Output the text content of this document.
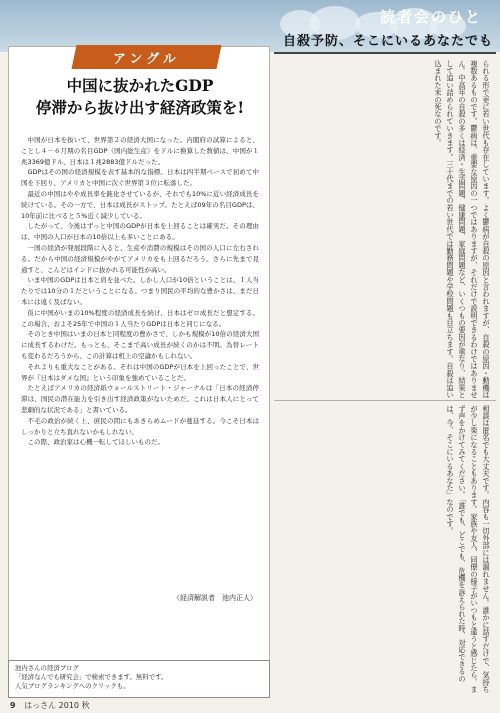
読者会のひと
アングル
中国に抜かれたGDP
停滞から抜け出す経済政策を!

中国が日本を抜いて、世界第２の経済大国になった。内閣府の試算によると、ことし４－６月期の名目GDP（国内総生産）をドルに換算した数値は、中国が１兆3369億ドル、日本は１兆2883億ドルだった。

GDPはその国の経済規模を表す基本的な指標。日本は四半期ベースで初めて中国を下回り、アメリカと中国に次ぐ世界第３位に転落した。

最近の中国はやや成長率を鈍化させているが、それでも10%に近い経済成長を続けている。その一方で、日本は成長がストップ。たとえば09年の名目GDPは、10年前に比べると５%近く減少している。

したがって、今後はずっと中国のGDPが日本を上回ることは確実だ。その理由は、中国の人口が日本の10倍以上も多いことにある。

一国の経済が発展段階に入ると、生産や消費の規模はその国の人口に左右される。だから中国の経済規模がやがてアメリカをも上回るだろう。さらに先まで見通すと、こんどはインドに抜かれる可能性が高い。

いま中国のGDPは日本と肩を並べた。しかし人口が10倍ということは、１人当たりでは10分の１だということになる。つまり国民の平均的な豊かさは、まだ日本には遠く及ばない。

仮に中国がいまの10%程度の経済成長を続け、日本はゼロ成長だと想定する。この場合、およそ25年で中国の１人当たりGDPは日本と同じになる。

そのとき中国はいまの日本と同程度の豊かさで、しかも規模が10倍の経済大国に成長するわけだ。もっとも、そこまで高い成長が続くのかは不明。為替レートも変わるだろうから、この計算は机上の空論かもしれない。

それよりも重大なことがある。それは中国のGDPが日本を上回ったことで、世界が『日本はダメな国』という印象を強めていることだ。

たとえばアメリカの経済紙ウォールストリート・ジャーナルは「日本の経済停滞は、国民の潜在能力を引き出す経済政策がないためだ。これは日本人にとって悲劇的な状況である」と書いている。

不毛の政治が続く上、庶民の間にもあきらめムードが蔓延する。今こそ日本はしっかりと立ち直れないかもしれない。

この際、政治家は心機一転してほしいものだ。

（経済解説者　池内正人）
池内さんの経済ブログ
「経済なんでも研究会」で検索できます。無料です。
人気ブログランキングへのクリックも。
9 はっさん 2010 秋
自殺予防、そこにいるあなたでも

られる形で更に若い世代も存在しています。よく鬱病が自殺の原因と言われますが、自殺の原因・動機は複数あるものです。鬱病は、重要な原因の一つではありますが、それだけで説明できるわけではありません。中高年の自殺の多くは経済・生活問題、健康問題、家庭問題など、いくつもの要因が重なり、結果として追い詰められていきます。三十代までの若い世代では勤務問題や学校問題も目立ちます。自殺は追い込まれた末の死なのです。

相談は匿名でも大丈夫です。内容も一切外部には漏れません。誰かに話すだけで、気持ちが少し楽になることもあります。家族や友人、同僚の様子がいつもと違うと感じたら、まず声をかけてみてください。「誰でも、どこでも、危機を訴えられた時、対応できるのは、今、そこにいるあなた」なのです。
